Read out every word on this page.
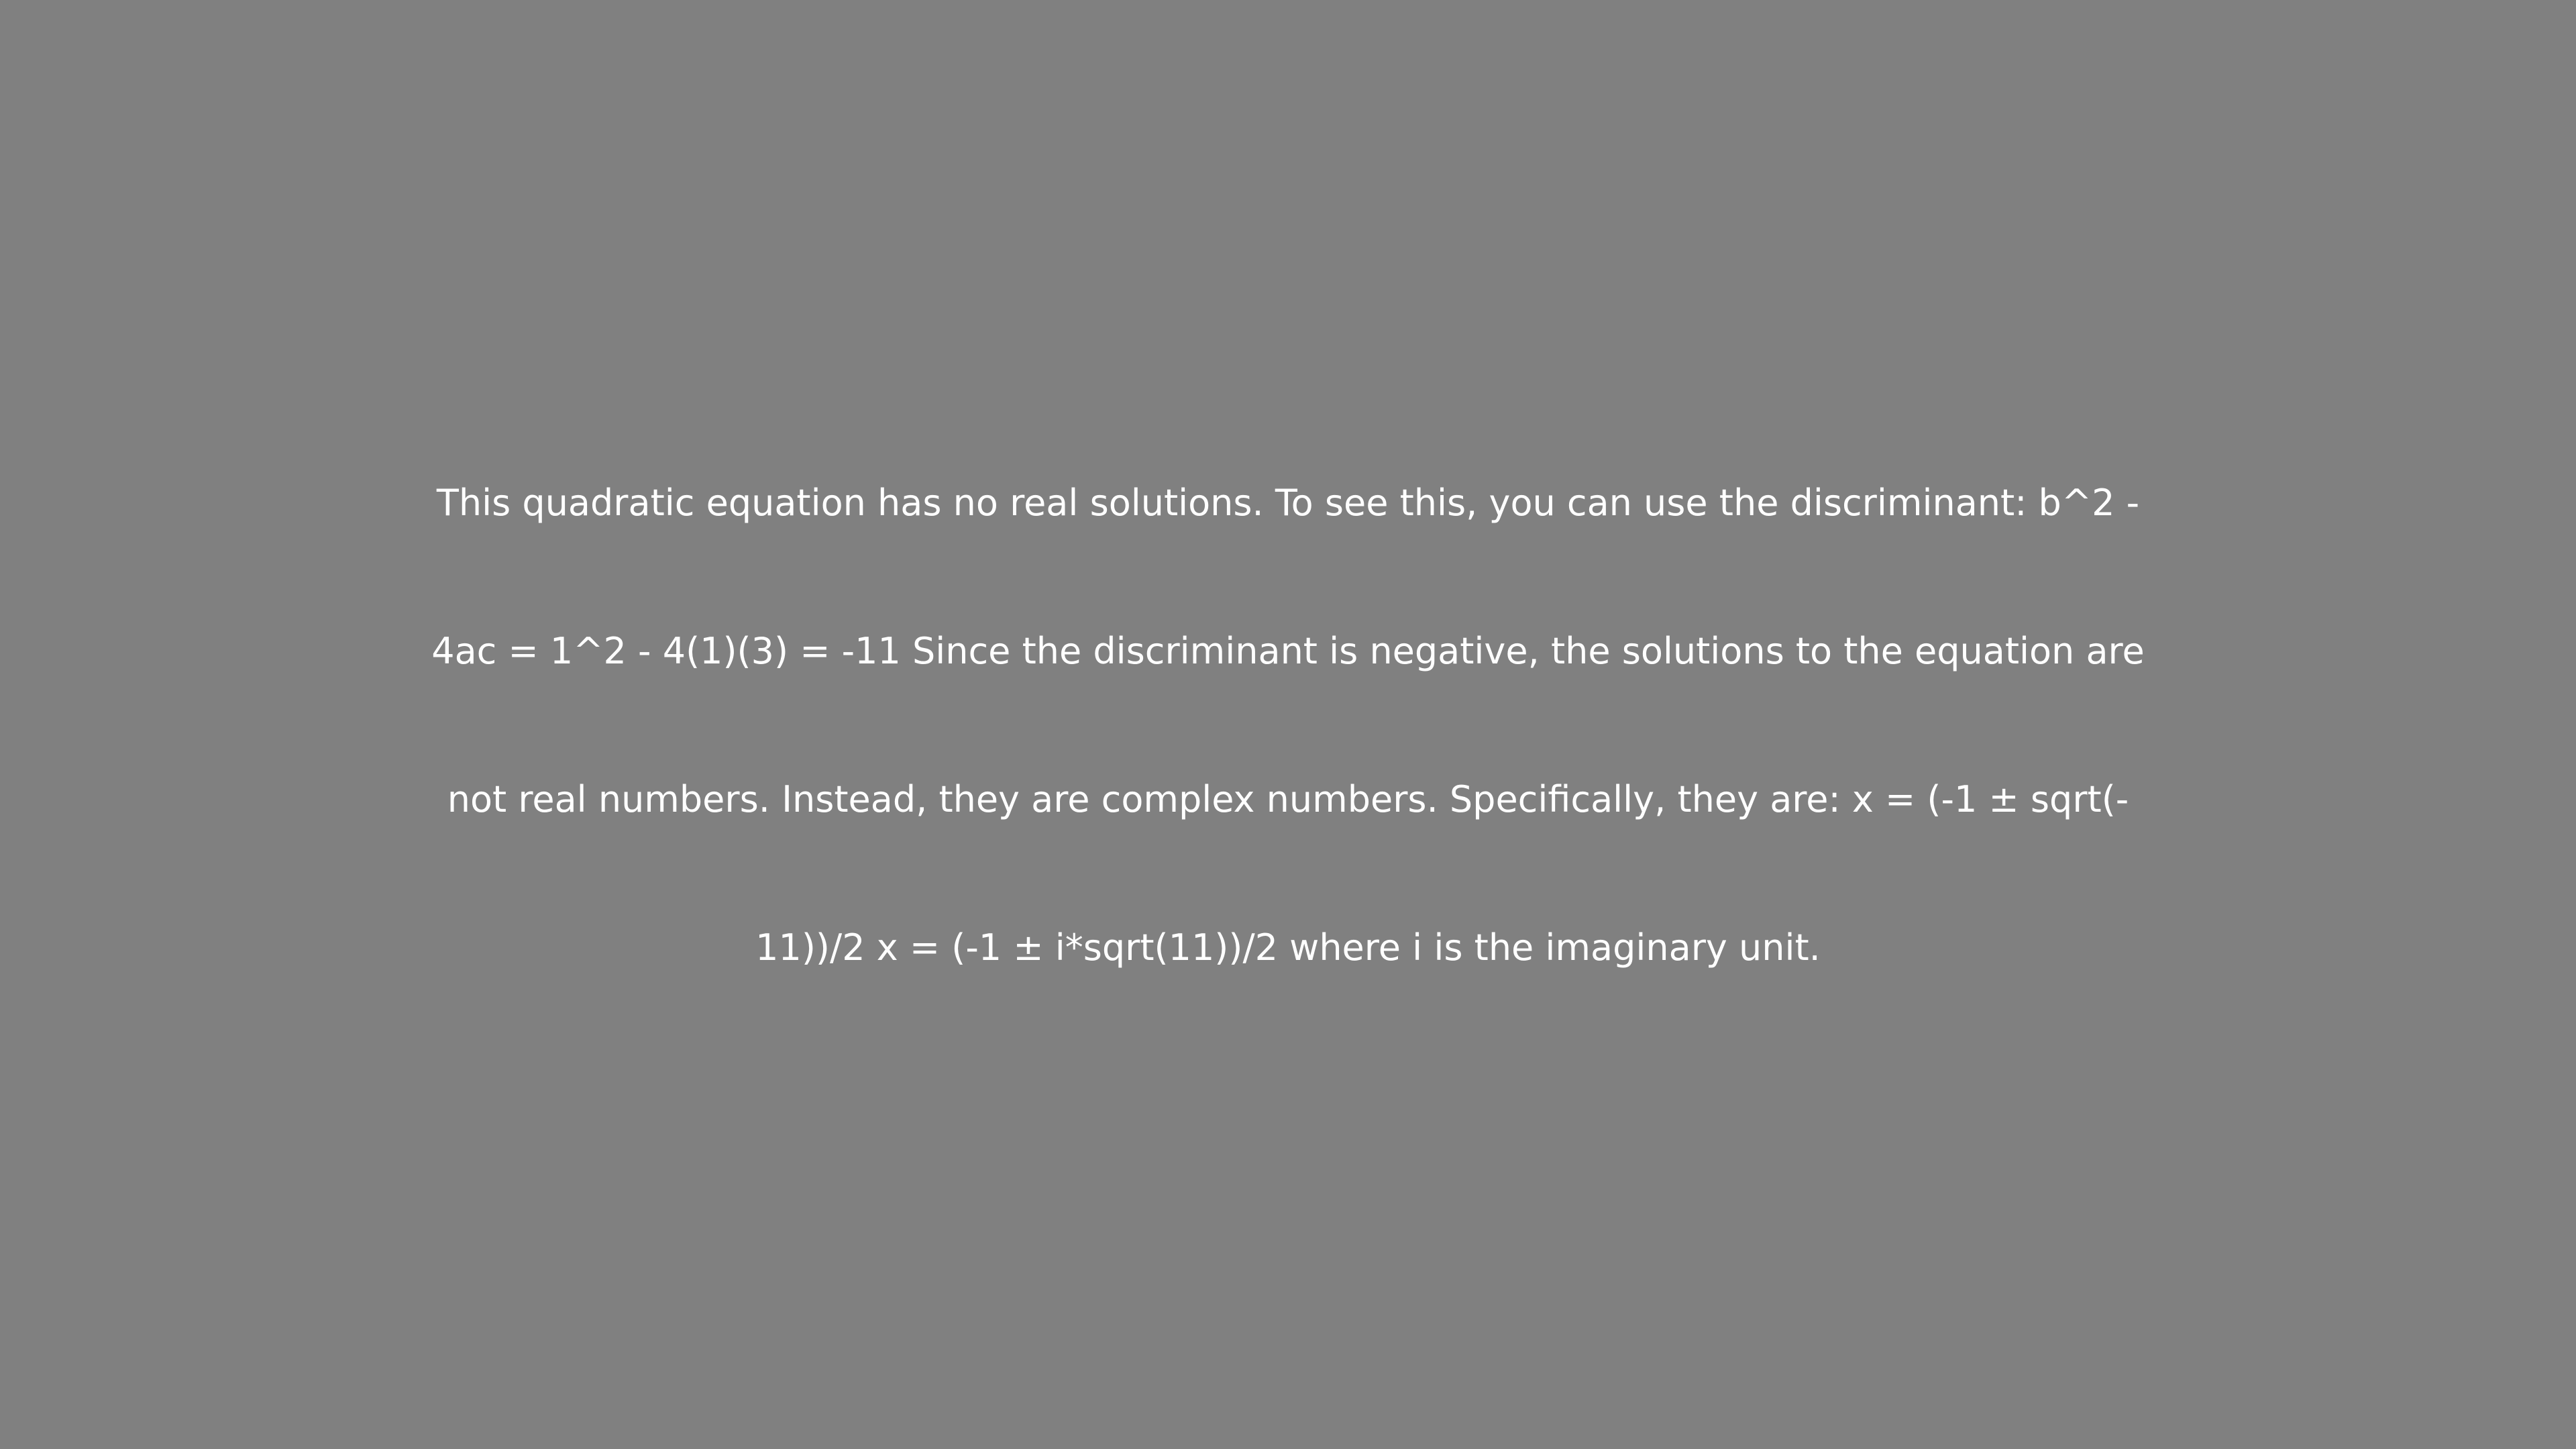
This quadratic equation has no real solutions. To see this, you can use the discriminant: b^2 -
4ac = 1^2 - 4(1)(3) = -11 Since the discriminant is negative, the solutions to the equation are
not real numbers. Instead, they are complex numbers. Specifically, they are: x = (-1 ± sqrt(-
11))/2 x = (-1 ± i*sqrt(11))/2 where i is the imaginary unit.
